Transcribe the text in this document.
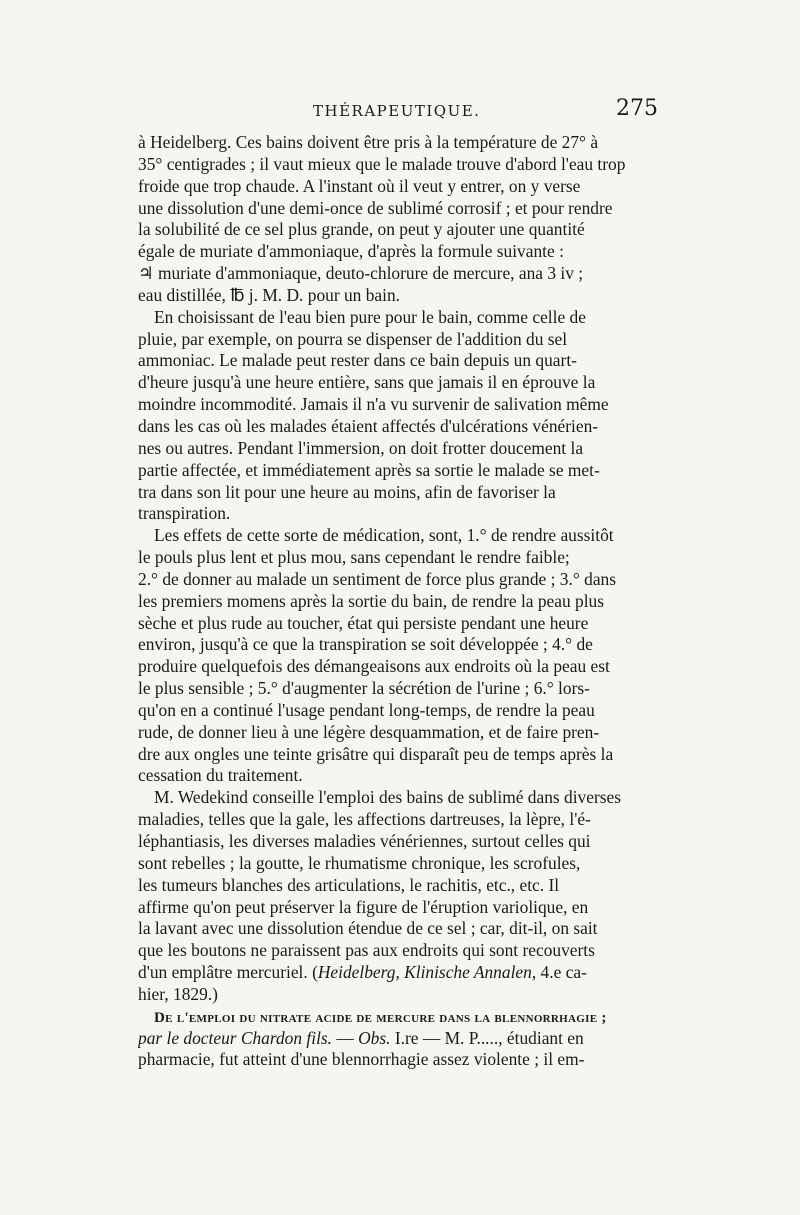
THÉRAPEUTIQUE.	275
à Heidelberg. Ces bains doivent être pris à la température de 27° à
35° centigrades ; il vaut mieux que le malade trouve d'abord l'eau trop
froide que trop chaude. A l'instant où il veut y entrer, on y verse
une dissolution d'une demi-once de sublimé corrosif ; et pour rendre
la solubilité de ce sel plus grande, on peut y ajouter une quantité
égale de muriate d'ammoniaque, d'après la formule suivante :
♃ muriate d'ammoniaque, deuto-chlorure de mercure, ana 3 iv ;
eau distillée, ℔ j. M. D. pour un bain.
En choisissant de l'eau bien pure pour le bain, comme celle de
pluie, par exemple, on pourra se dispenser de l'addition du sel
ammoniac. Le malade peut rester dans ce bain depuis un quart-
d'heure jusqu'à une heure entière, sans que jamais il en éprouve la
moindre incommodité. Jamais il n'a vu survenir de salivation même
dans les cas où les malades étaient affectés d'ulcérations vénérien-
nes ou autres. Pendant l'immersion, on doit frotter doucement la
partie affectée, et immédiatement après sa sortie le malade se met-
tra dans son lit pour une heure au moins, afin de favoriser la
transpiration.
Les effets de cette sorte de médication, sont, 1.° de rendre aussitôt
le pouls plus lent et plus mou, sans cependant le rendre faible;
2.° de donner au malade un sentiment de force plus grande ; 3.° dans
les premiers momens après la sortie du bain, de rendre la peau plus
sèche et plus rude au toucher, état qui persiste pendant une heure
environ, jusqu'à ce que la transpiration se soit développée ; 4.° de
produire quelquefois des démangeaisons aux endroits où la peau est
le plus sensible ; 5.° d'augmenter la sécrétion de l'urine ; 6.° lors-
qu'on en a continué l'usage pendant long-temps, de rendre la peau
rude, de donner lieu à une légère desquammation, et de faire pren-
dre aux ongles une teinte grisâtre qui disparaît peu de temps après la
cessation du traitement.
M. Wedekind conseille l'emploi des bains de sublimé dans diverses
maladies, telles que la gale, les affections dartreuses, la lèpre, l'é-
léphantiasis, les diverses maladies vénériennes, surtout celles qui
sont rebelles ; la goutte, le rhumatisme chronique, les scrofules,
les tumeurs blanches des articulations, le rachitis, etc., etc. Il
affirme qu'on peut préserver la figure de l'éruption variolique, en
la lavant avec une dissolution étendue de ce sel ; car, dit-il, on sait
que les boutons ne paraissent pas aux endroits qui sont recouverts
d'un emplâtre mercuriel. (Heidelberg, Klinische Annalen, 4.e ca-
hier, 1829.)
De l'emploi du nitrate acide de mercure dans la blennorrhagie ;
par le docteur Chardon fils. — Obs. I.re — M. P....., étudiant en
pharmacie, fut atteint d'une blennorrhagie assez violente ; il em-
